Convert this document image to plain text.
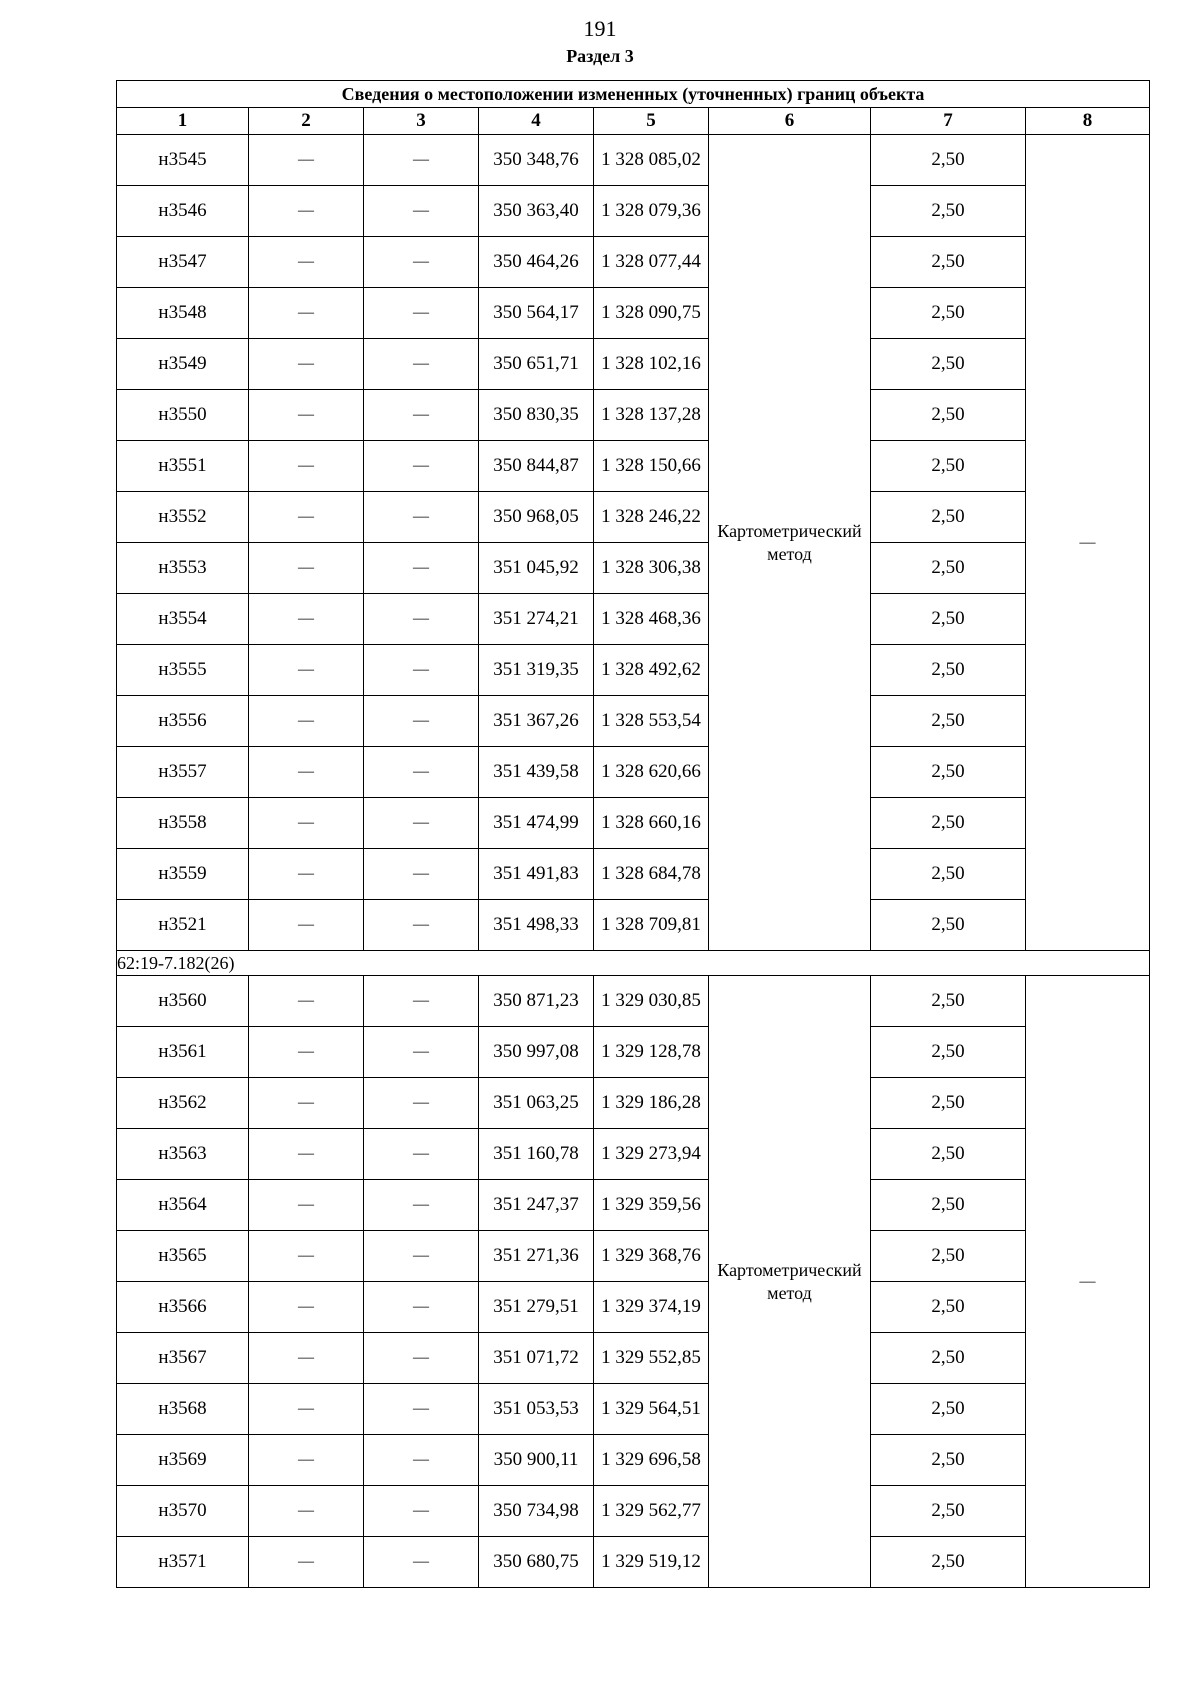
191
Раздел 3
Сведения о местоположении измененных (уточненных) границ объекта							
1	2	3	4	5	6	7	8
н3545	—	—	350 348,76	1 328 085,02	Картометрический метод	2,50	—
н3546	—	—	350 363,40	1 328 079,36		2,50	
н3547	—	—	350 464,26	1 328 077,44		2,50	
н3548	—	—	350 564,17	1 328 090,75		2,50	
н3549	—	—	350 651,71	1 328 102,16		2,50	
н3550	—	—	350 830,35	1 328 137,28		2,50	
н3551	—	—	350 844,87	1 328 150,66		2,50	
н3552	—	—	350 968,05	1 328 246,22		2,50	
н3553	—	—	351 045,92	1 328 306,38		2,50	
н3554	—	—	351 274,21	1 328 468,36		2,50	
н3555	—	—	351 319,35	1 328 492,62		2,50	
н3556	—	—	351 367,26	1 328 553,54		2,50	
н3557	—	—	351 439,58	1 328 620,66		2,50	
н3558	—	—	351 474,99	1 328 660,16		2,50	
н3559	—	—	351 491,83	1 328 684,78		2,50	
н3521	—	—	351 498,33	1 328 709,81		2,50	
62:19-7.182(26)							
н3560	—	—	350 871,23	1 329 030,85	Картометрический метод	2,50	—
н3561	—	—	350 997,08	1 329 128,78		2,50	
н3562	—	—	351 063,25	1 329 186,28		2,50	
н3563	—	—	351 160,78	1 329 273,94		2,50	
н3564	—	—	351 247,37	1 329 359,56		2,50	
н3565	—	—	351 271,36	1 329 368,76		2,50	
н3566	—	—	351 279,51	1 329 374,19		2,50	
н3567	—	—	351 071,72	1 329 552,85		2,50	
н3568	—	—	351 053,53	1 329 564,51		2,50	
н3569	—	—	350 900,11	1 329 696,58		2,50	
н3570	—	—	350 734,98	1 329 562,77		2,50	
н3571	—	—	350 680,75	1 329 519,12		2,50	
